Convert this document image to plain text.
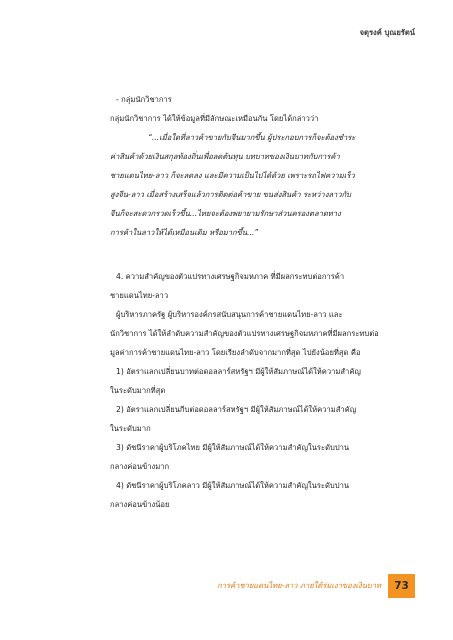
จตุรงค์ บุณยรัตน์
- กลุ่มนักวิชาการ
กลุ่มนักวิชาการ ได้ให้ข้อมูลที่มีลักษณะเหมือนกัน โดยได้กล่าวว่า
“...เมื่อใดที่ลาวค้าขายกับจีนมากขึ้น ผู้ประกอบการก็จะต้องชำระ
ค่าสินค้าด้วยเงินสกุลท้องถิ่นเพื่อลดต้นทุน บทบาทของเงินบาทกับการค้า
ชายแดนไทย-ลาว ก็จะลดลง และมีความเป็นไปได้ด้วย เพราะรถไฟความเร็ว
สูงจีน-ลาว เมื่อสร้างเสร็จแล้วการติดต่อค้าขาย ขนส่งสินค้า ระหว่างลาวกับ
จีนก็จะสะดวกรวดเร็วขึ้น...ไทยจะต้องพยายามรักษาส่วนครองตลาดทาง
การค้าในลาวให้ได้เหมือนเดิม หรือมากขึ้น...”
4. ความสำคัญของตัวแปรทางเศรษฐกิจมหภาค ที่มีผลกระทบต่อการค้า
ชายแดนไทย-ลาว
ผู้บริหารภาครัฐ ผู้บริหารองค์กรสนับสนุนการค้าชายแดนไทย-ลาว และ
นักวิชาการ ได้ให้ลำดับความสำคัญของตัวแปรทางเศรษฐกิจมหภาคที่มีผลกระทบต่อ
มูลค่าการค้าชายแดนไทย-ลาว โดยเรียงลำดับจากมากที่สุด ไปยังน้อยที่สุด คือ
1) อัตราแลกเปลี่ยนบาทต่อดอลลาร์สหรัฐฯ มีผู้ให้สัมภาษณ์ได้ให้ความสำคัญ
ในระดับมากที่สุด
2) อัตราแลกเปลี่ยนกีบต่อดอลลาร์สหรัฐฯ มีผู้ให้สัมภาษณ์ได้ให้ความสำคัญ
ในระดับมาก
3) ดัชนีราคาผู้บริโภคไทย มีผู้ให้สัมภาษณ์ได้ให้ความสำคัญในระดับปาน
กลางค่อนข้างมาก
4) ดัชนีราคาผู้บริโภคลาว มีผู้ให้สัมภาษณ์ได้ให้ความสำคัญในระดับปาน
กลางค่อนข้างน้อย
การค้าชายแดนไทย-ลาว ภายใต้ร่มเงาของเงินบาท 73
